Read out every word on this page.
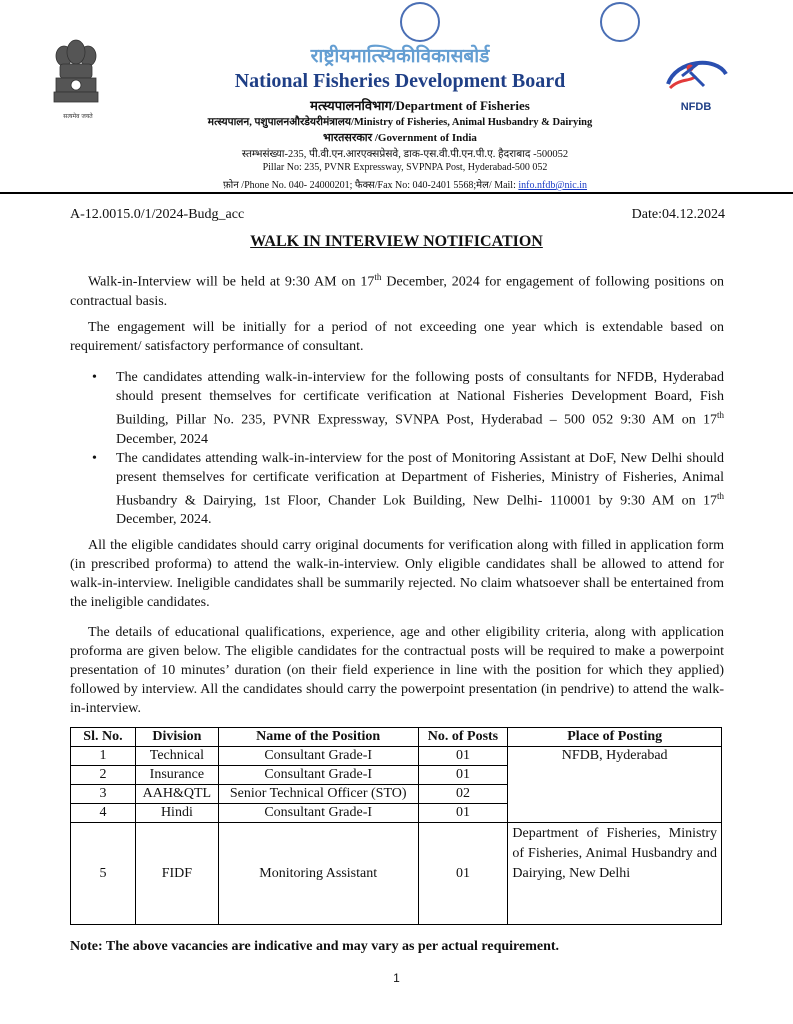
सत्यमेव जयते
राष्ट्रीयमात्स्यिकीविकासबोर्ड
National Fisheries Development Board
मत्स्यपालनविभाग/Department of Fisheries
मत्स्यपालन, पशुपालनऔरडेयरीमंत्रालय/Ministry of Fisheries, Animal Husbandry & Dairying
भारतसरकार /Government of India
स्तम्भसंख्या-235, पी.वी.एन.आरएक्सप्रेसवे, डाक-एस.वी.पी.एन.पी.ए. हैदराबाद -500052
Pillar No: 235, PVNR Expressway, SVPNPA Post, Hyderabad-500 052
फ़ोन /Phone No. 040- 24000201; फैक्स/Fax No: 040-2401 5568;मेल/ Mail: info.nfdb@nic.in
NFDB
A-12.0015.0/1/2024-Budg_acc	Date:04.12.2024
WALK IN INTERVIEW NOTIFICATION
Walk-in-Interview will be held at 9:30 AM on 17th December, 2024 for engagement of following positions on contractual basis.
The engagement will be initially for a period of not exceeding one year which is extendable based on requirement/ satisfactory performance of consultant.
• The candidates attending walk-in-interview for the following posts of consultants for NFDB, Hyderabad should present themselves for certificate verification at National Fisheries Development Board, Fish Building, Pillar No. 235, PVNR Expressway, SVNPA Post, Hyderabad – 500 052 9:30 AM on 17th December, 2024
• The candidates attending walk-in-interview for the post of Monitoring Assistant at DoF, New Delhi should present themselves for certificate verification at Department of Fisheries, Ministry of Fisheries, Animal Husbandry & Dairying, 1st Floor, Chander Lok Building, New Delhi- 110001 by 9:30 AM on 17th December, 2024.
All the eligible candidates should carry original documents for verification along with filled in application form (in prescribed proforma) to attend the walk-in-interview. Only eligible candidates shall be allowed to attend for walk-in-interview. Ineligible candidates shall be summarily rejected. No claim whatsoever shall be entertained from the ineligible candidates.
The details of educational qualifications, experience, age and other eligibility criteria, along with application proforma are given below. The eligible candidates for the contractual posts will be required to make a powerpoint presentation of 10 minutes’ duration (on their field experience in line with the position for which they applied) followed by interview. All the candidates should carry the powerpoint presentation (in pendrive) to attend the walk-in-interview.
Sl. No.	Division	Name of the Position	No. of Posts	Place of Posting
1	Technical	Consultant Grade-I	01	NFDB, Hyderabad
2	Insurance	Consultant Grade-I	01	
3	AAH&QTL	Senior Technical Officer (STO)	02	
4	Hindi	Consultant Grade-I	01	
5	FIDF	Monitoring Assistant	01	Department of Fisheries, Ministry of Fisheries, Animal Husbandry and Dairying, New Delhi
Note: The above vacancies are indicative and may vary as per actual requirement.
1
